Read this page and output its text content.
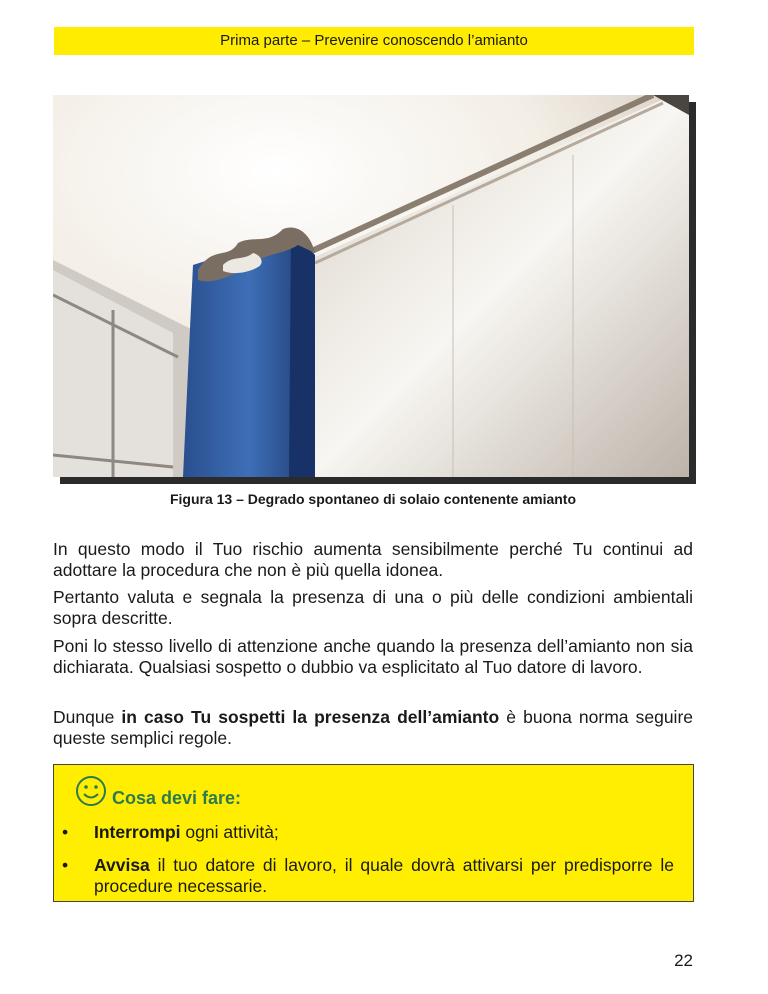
Prima parte – Prevenire conoscendo l’amianto
Figura 13 – Degrado spontaneo di solaio contenente amianto

In questo modo il Tuo rischio aumenta sensibilmente perché Tu continui ad adottare la procedura che non è più quella idonea.

Pertanto valuta e segnala la presenza di una o più delle condizioni ambientali sopra descritte.

Poni lo stesso livello di attenzione anche quando la presenza dell’amianto non sia dichiarata. Qualsiasi sospetto o dubbio va esplicitato al Tuo datore di lavoro.

Dunque in caso Tu sospetti la presenza dell’amianto è buona norma seguire queste semplici regole.

Cosa devi fare:
• Interrompi ogni attività;
• Avvisa il tuo datore di lavoro, il quale dovrà attivarsi per predisporre le procedure necessarie.
22
